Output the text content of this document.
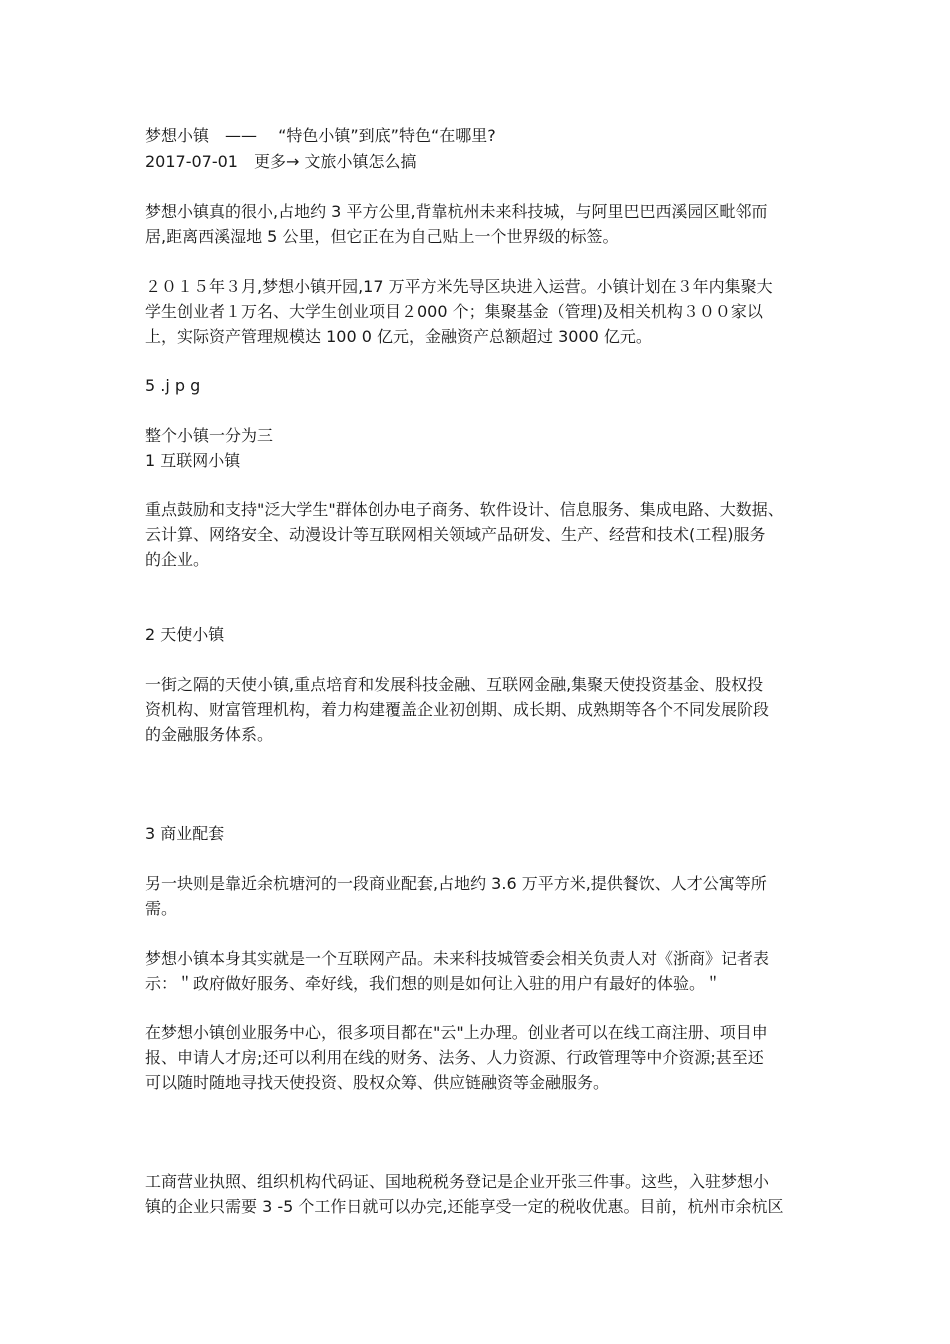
梦想小镇　——　 “特色小镇”到底”特色“在哪里?
2017-07-01　更多→ 文旅小镇怎么搞
梦想小镇真的很小,占地约 3 平方公里,背靠杭州未来科技城，与阿里巴巴西溪园区毗邻而
居,距离西溪湿地 5 公里，但它正在为自己贴上一个世界级的标签。
２０１５年３月,梦想小镇开园,17 万平方米先导区块进入运营。小镇计划在３年内集聚大
学生创业者１万名、大学生创业项目２000 个；集聚基金（管理)及相关机构３００家以
上，实际资产管理规模达 100 0 亿元，金融资产总额超过 3000 亿元。
5 .j p g
整个小镇一分为三
1 互联网小镇
重点鼓励和支持"泛大学生"群体创办电子商务、软件设计、信息服务、集成电路、大数据、
云计算、网络安全、动漫设计等互联网相关领域产品研发、生产、经营和技术(工程)服务
的企业。
2 天使小镇
一街之隔的天使小镇,重点培育和发展科技金融、互联网金融,集聚天使投资基金、股权投
资机构、财富管理机构，着力构建覆盖企业初创期、成长期、成熟期等各个不同发展阶段
的金融服务体系。
3 商业配套
另一块则是靠近余杭塘河的一段商业配套,占地约 3.6 万平方米,提供餐饮、人才公寓等所
需。
梦想小镇本身其实就是一个互联网产品。未来科技城管委会相关负责人对《浙商》记者表
示：＂政府做好服务、牵好线，我们想的则是如何让入驻的用户有最好的体验。＂
在梦想小镇创业服务中心，很多项目都在"云"上办理。创业者可以在线工商注册、项目申
报、申请人才房;还可以利用在线的财务、法务、人力资源、行政管理等中介资源;甚至还
可以随时随地寻找天使投资、股权众筹、供应链融资等金融服务。
工商营业执照、组织机构代码证、国地税税务登记是企业开张三件事。这些，入驻梦想小
镇的企业只需要 3 -5 个工作日就可以办完,还能享受一定的税收优惠。目前，杭州市余杭区
